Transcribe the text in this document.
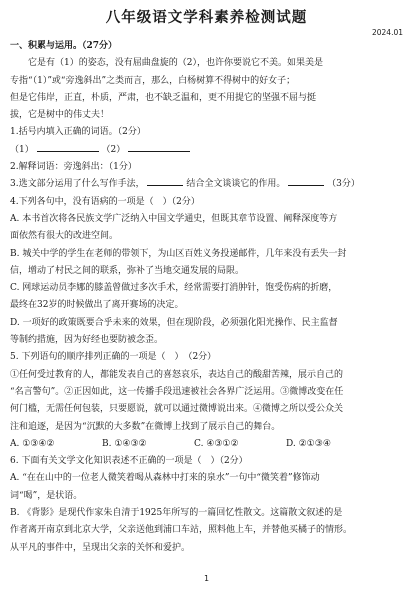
八年级语文学科素养检测试题
2024.01
一、积累与运用。（27分）
它是有（1）的姿态，没有屈曲盘旋的（2），也许你要说它不美。如果美是
专指“（1）”或“旁逸斜出”之类而言，那么，白杨树算不得树中的好女子；
但是它伟岸，正直，朴质，严肃，也不缺乏温和，更不用提它的坚强不屈与挺
拔，它是树中的伟丈夫！
1.括号内填入正确的词语。（2分）
（1）	（2）
2.解释词语：旁逸斜出：（1分）
3.选文部分运用了什么写作手法，	结合全文谈谈它的作用。	（3分）
4.下列各句中，没有语病的一项是（　）（2分）
A. 本书首次将各民族文学广泛纳入中国文学通史，但既其章节设置、阐释深度等方
面依然有很大的改进空间。
B. 城关中学的学生在老师的带领下，为山区百姓义务投递邮件，几年来没有丢失一封
信，增动了村民之间的联系，弥补了当地交通发展的局限。
C. 网球运动员李娜的膝盖曾做过多次手术，经常需要打消肿针，饱受伤病的折磨，
最终在32岁的时候做出了离开赛场的决定。
D. 一项好的政策既要合乎未来的效果，但在现阶段，必须强化阳光操作、民主监督
等制约措施，因为好经也要防被念歪。
5. 下列语句的顺序排列正确的一项是（　）　（2分）
①任何受过教育的人，都能发表自己的喜怒哀乐，表达自己的酸甜苦辣，展示自己的
“名言警句”。②正因如此，这一传播手段迅速被社会各界广泛运用。③微博改变在任
何门槛，无需任何包装，只要愿说，就可以通过微博说出来。④微博之所以受公众关
注和追逐，是因为“沉默的大多数”在微博上找到了展示自己的舞台。
A. ①③④②	B. ①④③②	C. ④③①②	D. ②①③④
6. 下面有关文学文化知识表述不正确的一项是（　）（2分）
A. “在在山中的一位老人微笑着喝从森林中打来的泉水”一句中“微笑着”修饰动
词“喝”，是状语。
B. 《背影》是现代作家朱自清于1925年所写的一篇回忆性散文。这篇散文叙述的是
作者离开南京到北京大学，父亲送他到浦口车站，照料他上车，并替他买橘子的情形。
从平凡的事件中，呈现出父亲的关怀和爱护。
1
